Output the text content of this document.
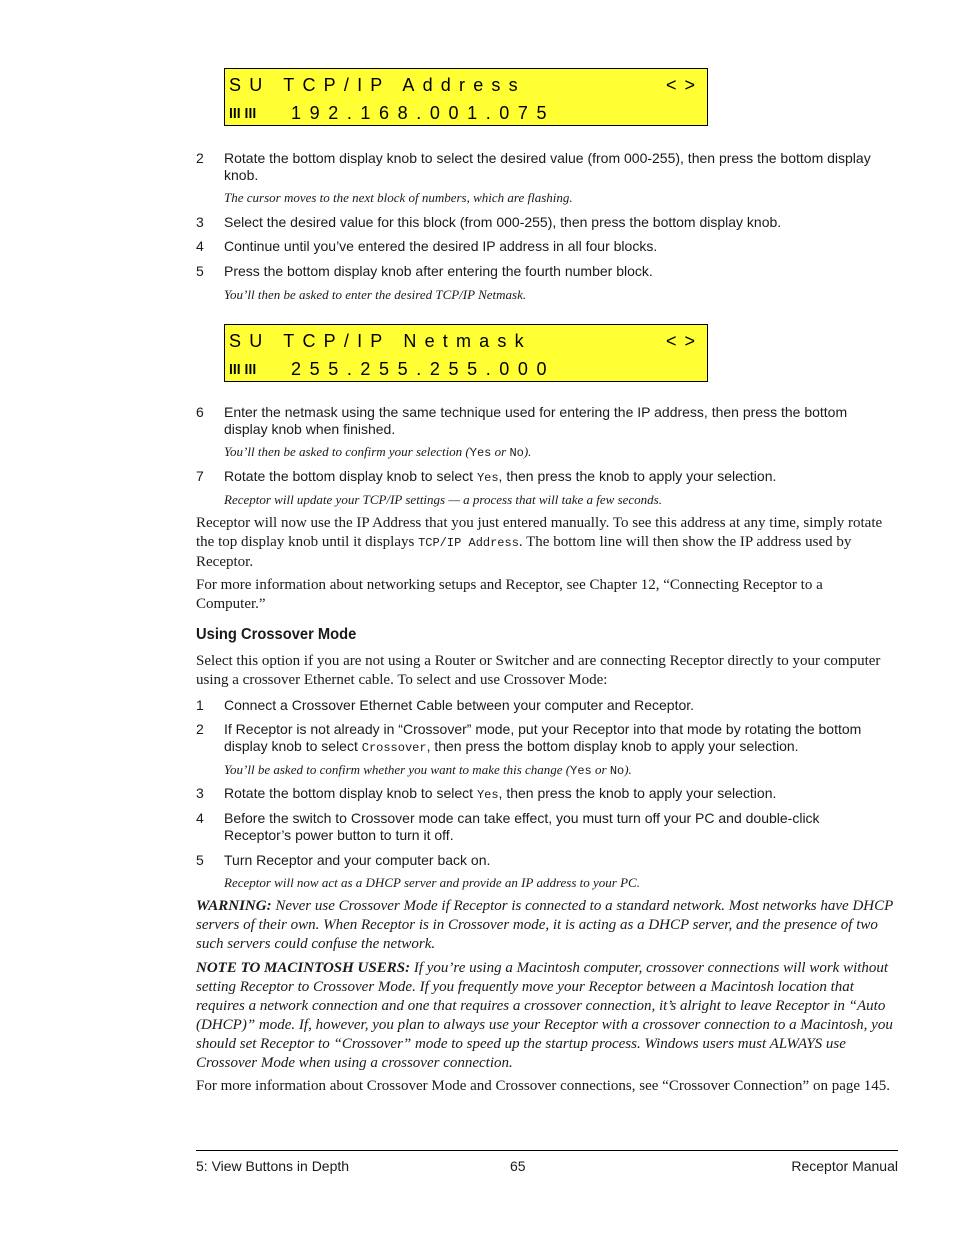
SU TCP/IP Address	<>
lll lll 192.168.001.075
2 Rotate the bottom display knob to select the desired value (from 000-255), then press the bottom display knob.
The cursor moves to the next block of numbers, which are flashing.
3 Select the desired value for this block (from 000-255), then press the bottom display knob.
4 Continue until you’ve entered the desired IP address in all four blocks.
5 Press the bottom display knob after entering the fourth number block.
You’ll then be asked to enter the desired TCP/IP Netmask.
SU TCP/IP Netmask	<>
lll lll 255.255.255.000
6 Enter the netmask using the same technique used for entering the IP address, then press the bottom display knob when finished.
You’ll then be asked to confirm your selection (Yes or No).
7 Rotate the bottom display knob to select Yes, then press the knob to apply your selection.
Receptor will update your TCP/IP settings — a process that will take a few seconds.
Receptor will now use the IP Address that you just entered manually. To see this address at any time, simply rotate the top display knob until it displays TCP/IP Address. The bottom line will then show the IP address used by Receptor.
For more information about networking setups and Receptor, see Chapter 12, “Connecting Receptor to a Computer.”
Using Crossover Mode
Select this option if you are not using a Router or Switcher and are connecting Receptor directly to your computer using a crossover Ethernet cable. To select and use Crossover Mode:
1 Connect a Crossover Ethernet Cable between your computer and Receptor.
2 If Receptor is not already in “Crossover” mode, put your Receptor into that mode by rotating the bottom display knob to select Crossover, then press the bottom display knob to apply your selection.
You’ll be asked to confirm whether you want to make this change (Yes or No).
3 Rotate the bottom display knob to select Yes, then press the knob to apply your selection.
4 Before the switch to Crossover mode can take effect, you must turn off your PC and double-click Receptor’s power button to turn it off.
5 Turn Receptor and your computer back on.
Receptor will now act as a DHCP server and provide an IP address to your PC.
WARNING: Never use Crossover Mode if Receptor is connected to a standard network. Most networks have DHCP servers of their own. When Receptor is in Crossover mode, it is acting as a DHCP server, and the presence of two such servers could confuse the network.
NOTE TO MACINTOSH USERS: If you’re using a Macintosh computer, crossover connections will work without setting Receptor to Crossover Mode. If you frequently move your Receptor between a Macintosh location that requires a network connection and one that requires a crossover connection, it’s alright to leave Receptor in “Auto (DHCP)” mode. If, however, you plan to always use your Receptor with a crossover connection to a Macintosh, you should set Receptor to “Crossover” mode to speed up the startup process. Windows users must ALWAYS use Crossover Mode when using a crossover connection.
For more information about Crossover Mode and Crossover connections, see “Crossover Connection” on page 145.
5: View Buttons in Depth	65	Receptor Manual
